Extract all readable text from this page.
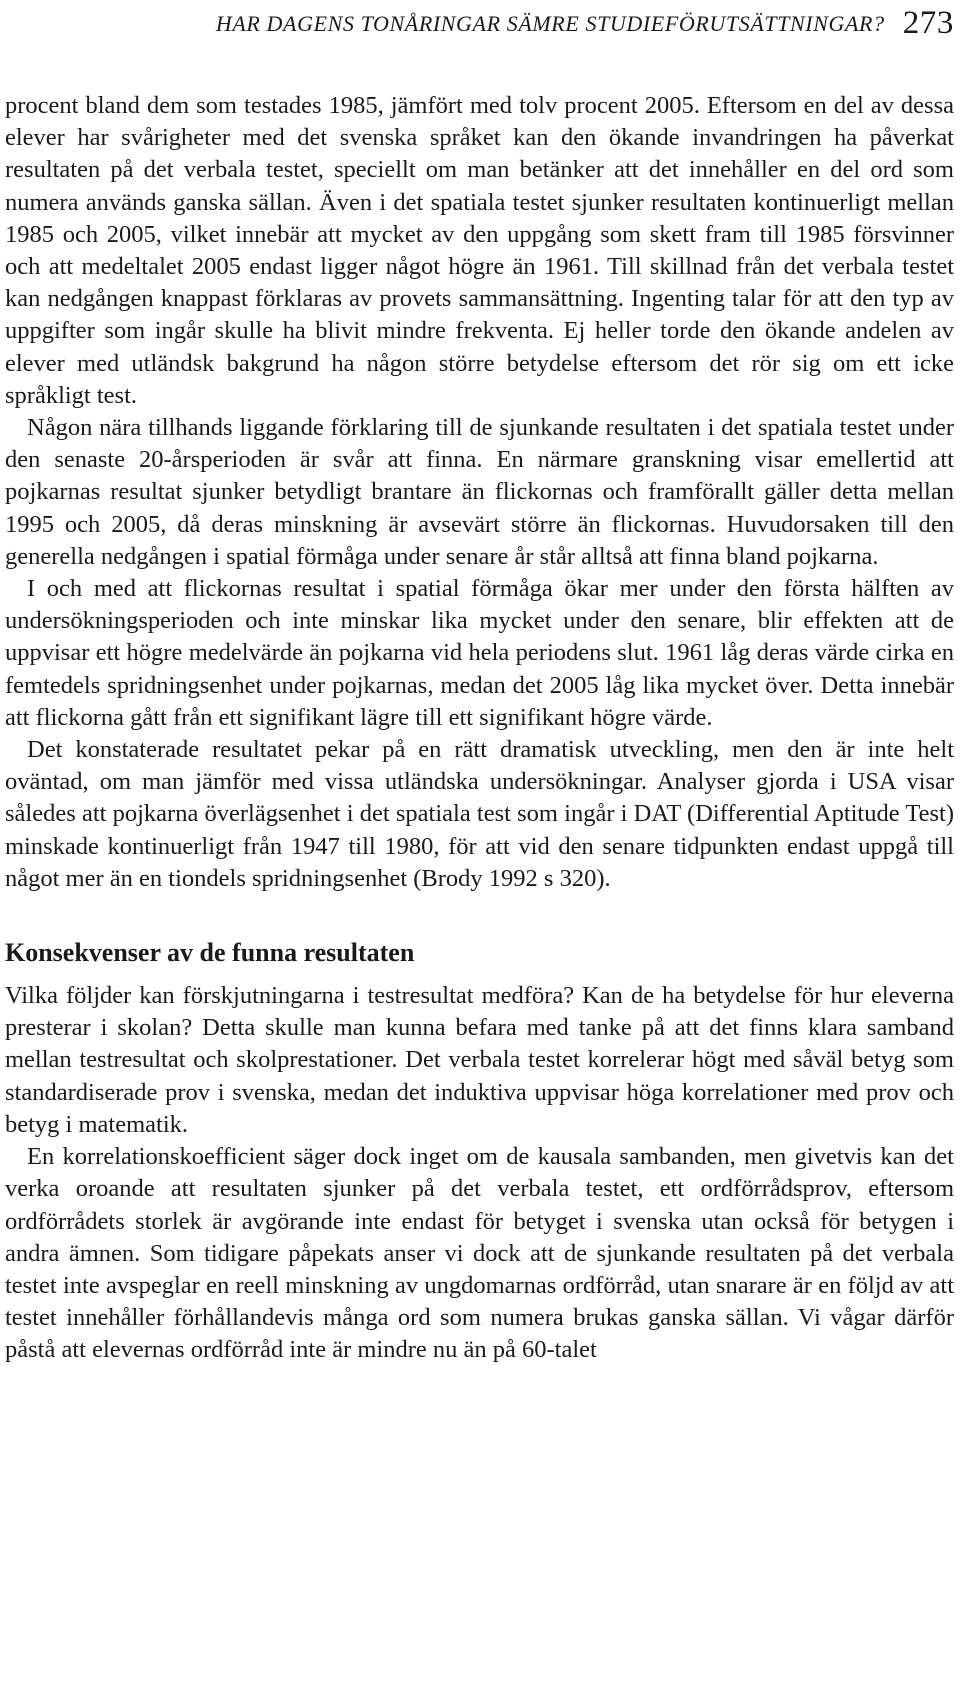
HAR DAGENS TONÅRINGAR SÄMRE STUDIEFÖRUTSÄTTNINGAR? 273

procent bland dem som testades 1985, jämfört med tolv procent 2005. Eftersom en del av dessa elever har svårigheter med det svenska språket kan den ökande invandringen ha påverkat resultaten på det verbala testet, speciellt om man betänker att det innehåller en del ord som numera används ganska sällan. Även i det spatiala testet sjunker resultaten kontinuerligt mellan 1985 och 2005, vilket innebär att mycket av den uppgång som skett fram till 1985 försvinner och att medeltalet 2005 endast ligger något högre än 1961. Till skillnad från det verbala testet kan nedgången knappast förklaras av provets sammansättning. Ingenting talar för att den typ av uppgifter som ingår skulle ha blivit mindre frekventa. Ej heller torde den ökande andelen av elever med utländsk bakgrund ha någon större betydelse eftersom det rör sig om ett icke språkligt test.

Någon nära tillhands liggande förklaring till de sjunkande resultaten i det spatiala testet under den senaste 20-årsperioden är svår att finna. En närmare granskning visar emellertid att pojkarnas resultat sjunker betydligt brantare än flickornas och framförallt gäller detta mellan 1995 och 2005, då deras minskning är avsevärt större än flickornas. Huvudorsaken till den generella nedgången i spatial förmåga under senare år står alltså att finna bland pojkarna.

I och med att flickornas resultat i spatial förmåga ökar mer under den första hälften av undersökningsperioden och inte minskar lika mycket under den senare, blir effekten att de uppvisar ett högre medelvärde än pojkarna vid hela periodens slut. 1961 låg deras värde cirka en femtedels spridningsenhet under pojkarnas, medan det 2005 låg lika mycket över. Detta innebär att flickorna gått från ett signifikant lägre till ett signifikant högre värde.

Det konstaterade resultatet pekar på en rätt dramatisk utveckling, men den är inte helt oväntad, om man jämför med vissa utländska undersökningar. Analyser gjorda i USA visar således att pojkarna överlägsenhet i det spatiala test som ingår i DAT (Differential Aptitude Test) minskade kontinuerligt från 1947 till 1980, för att vid den senare tidpunkten endast uppgå till något mer än en tiondels spridningsenhet (Brody 1992 s 320).

Konsekvenser av de funna resultaten

Vilka följder kan förskjutningarna i testresultat medföra? Kan de ha betydelse för hur eleverna presterar i skolan? Detta skulle man kunna befara med tanke på att det finns klara samband mellan testresultat och skolprestationer. Det verbala testet korrelerar högt med såväl betyg som standardiserade prov i svenska, medan det induktiva uppvisar höga korrelationer med prov och betyg i matematik.

En korrelationskoefficient säger dock inget om de kausala sambanden, men givetvis kan det verka oroande att resultaten sjunker på det verbala testet, ett ordförrådsprov, eftersom ordförrådets storlek är avgörande inte endast för betyget i svenska utan också för betygen i andra ämnen. Som tidigare påpekats anser vi dock att de sjunkande resultaten på det verbala testet inte avspeglar en reell minskning av ungdomarnas ordförråd, utan snarare är en följd av att testet innehåller förhållandevis många ord som numera brukas ganska sällan. Vi vågar därför påstå att elevernas ordförråd inte är mindre nu än på 60-talet
